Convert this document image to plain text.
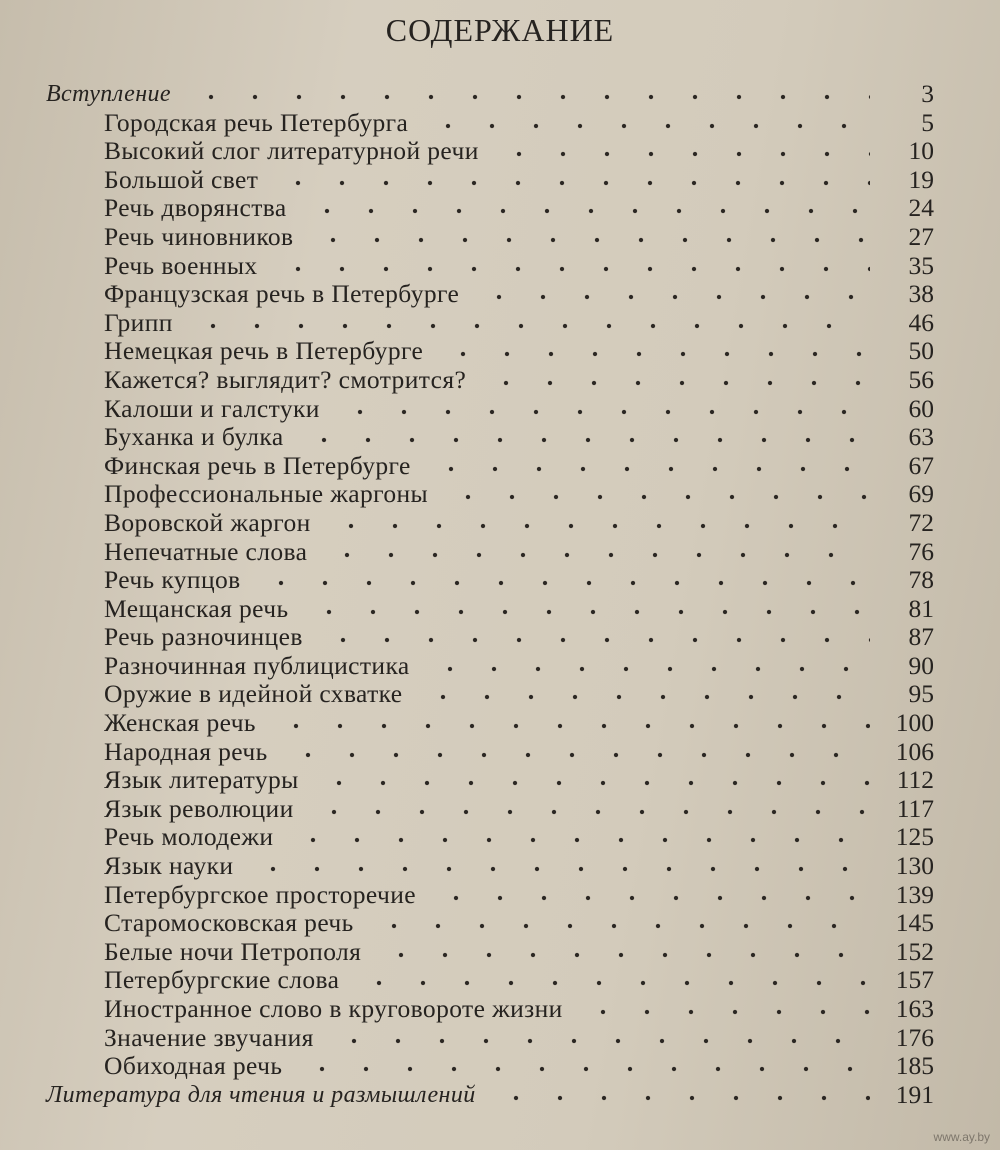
СОДЕРЖАНИЕ
Вступление	3
Городская речь Петербурга	5
Высокий слог литературной речи	10
Большой свет	19
Речь дворянства	24
Речь чиновников	27
Речь военных	35
Французская речь в Петербурге	38
Грипп	46
Немецкая речь в Петербурге	50
Кажется? выглядит? смотрится?	56
Калоши и галстуки	60
Буханка и булка	63
Финская речь в Петербурге	67
Профессиональные жаргоны	69
Воровской жаргон	72
Непечатные слова	76
Речь купцов	78
Мещанская речь	81
Речь разночинцев	87
Разночинная публицистика	90
Оружие в идейной схватке	95
Женская речь	100
Народная речь	106
Язык литературы	112
Язык революции	117
Речь молодежи	125
Язык науки	130
Петербургское просторечие	139
Старомосковская речь	145
Белые ночи Петрополя	152
Петербургские слова	157
Иностранное слово в круговороте жизни	163
Значение звучания	176
Обиходная речь	185
Литература для чтения и размышлений	191
www.ay.by
